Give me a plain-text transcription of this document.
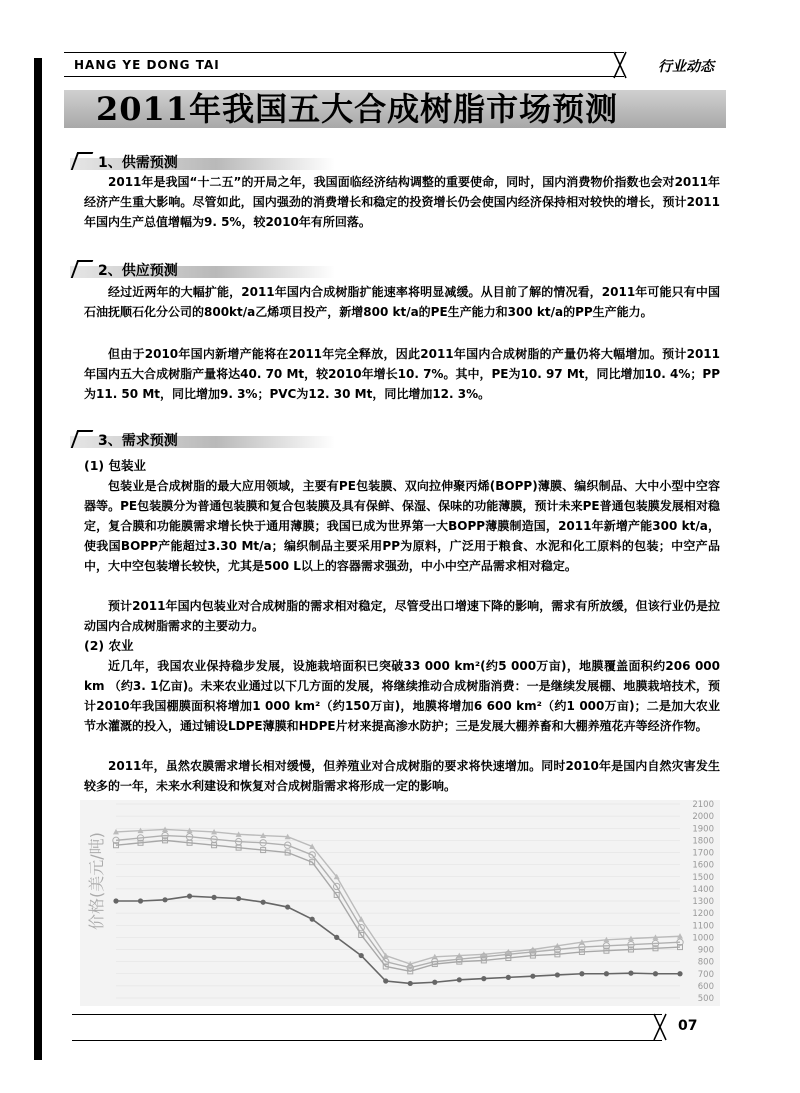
HANG YE DONG TAI	行业动态
2011年我国五大合成树脂市场预测
1、供需预测

2011年是我国“十二五”的开局之年，我国面临经济结构调整的重要使命，同时，国内消费物价指数也会对2011年经济产生重大影响。尽管如此，国内强劲的消费增长和稳定的投资增长仍会使国内经济保持相对较快的增长，预计2011年国内生产总值增幅为9. 5%，较2010年有所回落。

2、供应预测

经过近两年的大幅扩能，2011年国内合成树脂扩能速率将明显减缓。从目前了解的情况看，2011年可能只有中国石油抚顺石化分公司的800kt/a乙烯项目投产，新增800 kt/a的PE生产能力和300 kt/a的PP生产能力。

但由于2010年国内新增产能将在2011年完全释放，因此2011年国内合成树脂的产量仍将大幅增加。预计2011年国内五大合成树脂产量将达40. 70 Mt，较2010年增长10. 7%。其中，PE为10. 97 Mt，同比增加10. 4%；PP为11. 50 Mt，同比增加9. 3%；PVC为12. 30 Mt，同比增加12. 3%。

3、需求预测
(1) 包装业

包装业是合成树脂的最大应用领域，主要有PE包装膜、双向拉伸聚丙烯(BOPP)薄膜、编织制品、大中小型中空容器等。PE包装膜分为普通包装膜和复合包装膜及具有保鲜、保湿、保味的功能薄膜，预计未来PE普通包装膜发展相对稳定，复合膜和功能膜需求增长快于通用薄膜；我国已成为世界第一大BOPP薄膜制造国，2011年新增产能300 kt/a，使我国BOPP产能超过3.30 Mt/a；编织制品主要采用PP为原料，广泛用于粮食、水泥和化工原料的包装；中空产品中，大中空包装增长较快，尤其是500 L以上的容器需求强劲，中小中空产品需求相对稳定。

预计2011年国内包装业对合成树脂的需求相对稳定，尽管受出口增速下降的影响，需求有所放缓，但该行业仍是拉动国内合成树脂需求的主要动力。

(2) 农业

近几年，我国农业保持稳步发展，设施栽培面积已突破33 000 km²(约5 000万亩)，地膜覆盖面积约206 000 km （约3. 1亿亩)。未来农业通过以下几方面的发展，将继续推动合成树脂消费：一是继续发展棚、地膜栽培技术，预计2010年我国棚膜面积将增加1 000 km²（约150万亩)，地膜将增加6 600 km²（约1 000万亩)；二是加大农业节水灌溉的投入，通过铺设LDPE薄膜和HDPE片材来提高渗水防护；三是发展大棚养畜和大棚养殖花卉等经济作物。

2011年，虽然农膜需求增长相对缓慢，但养殖业对合成树脂的要求将快速增加。同时2010年是国内自然灾害发生较多的一年，未来水利建设和恢复对合成树脂需求将形成一定的影响。

2100
2000
1900
1800
1700
1600
1500
1400
1300
1200
1100
1000
900
800
700
600
500
价格(美元/吨)
07
